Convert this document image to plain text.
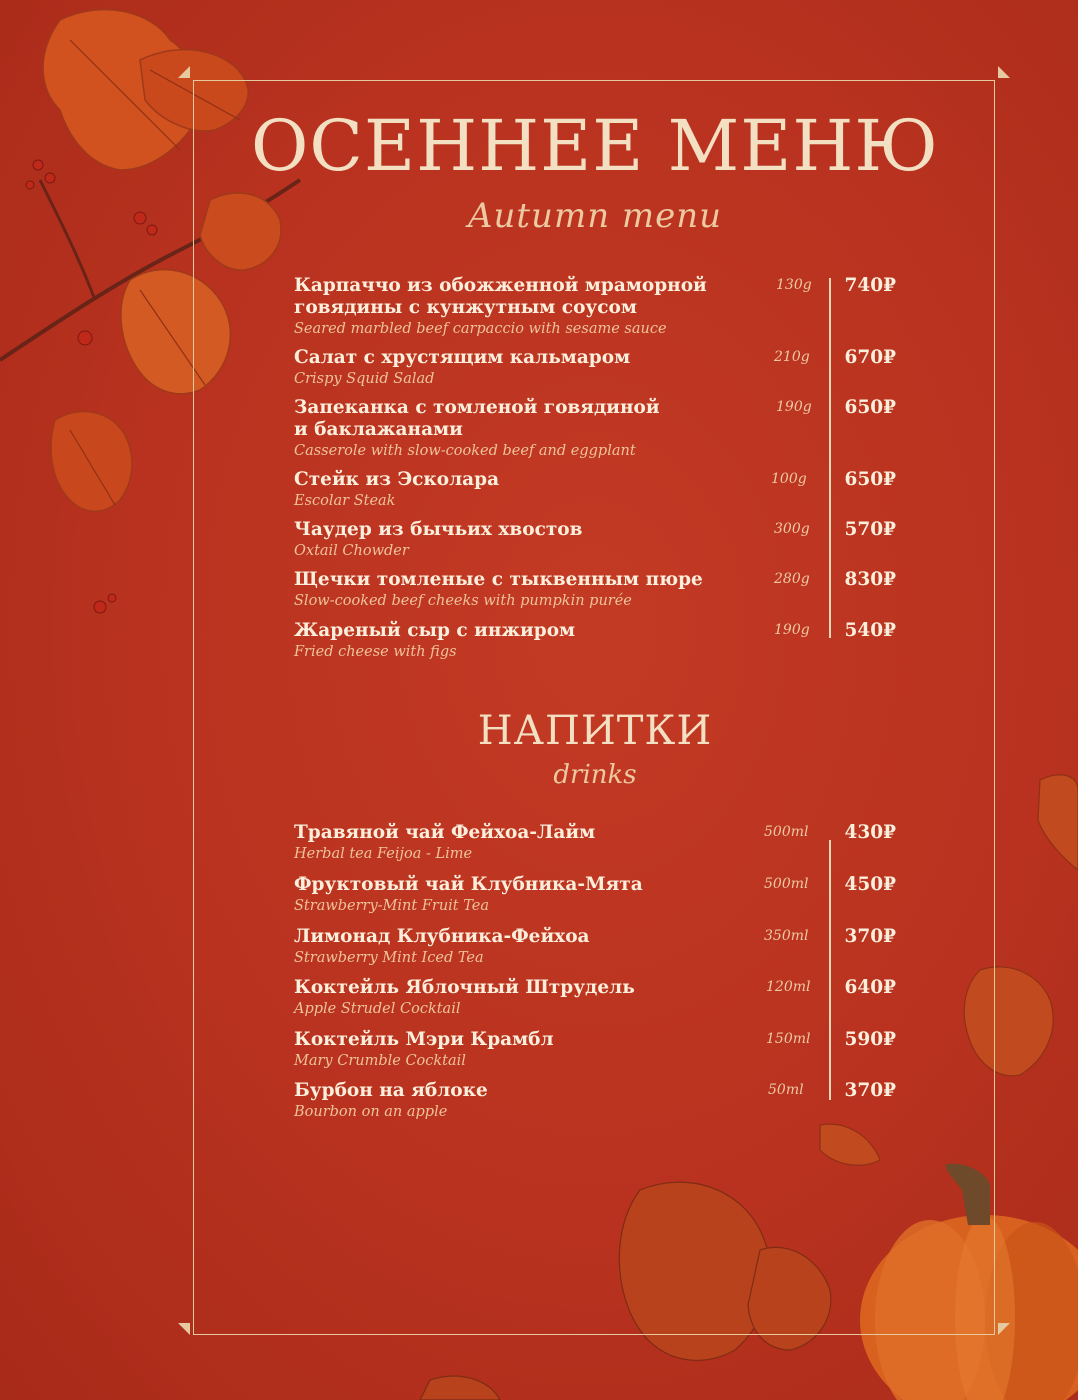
ОСЕННЕЕ МЕНЮ
Autumn menu
Карпаччо из обожженной мраморной говядины с кунжутным соусом
Seared marbled beef carpaccio with sesame sauce
130g 740₽
Салат с хрустящим кальмаром
Crispy Squid Salad
210g 670₽
Запеканка с томленой говядиной и баклажанами
Casserole with slow-cooked beef and eggplant
190g 650₽
Стейк из Эсколара
Escolar Steak
100g 650₽
Чаудер из бычьих хвостов
Oxtail Chowder
300g 570₽
Щечки томленые с тыквенным пюре
Slow-cooked beef cheeks with pumpkin purée
280g 830₽
Жареный сыр с инжиром
Fried cheese with figs
190g 540₽
НАПИТКИ
drinks
Травяной чай Фейхоа-Лайм
Herbal tea Feijoa - Lime
500ml 430₽
Фруктовый чай Клубника-Мята
Strawberry-Mint Fruit Tea
500ml 450₽
Лимонад Клубника-Фейхоа
Strawberry Mint Iced Tea
350ml 370₽
Коктейль Яблочный Штрудель
Apple Strudel Cocktail
120ml 640₽
Коктейль Мэри Крамбл
Mary Crumble Cocktail
150ml 590₽
Бурбон на яблоке
Bourbon on an apple
50ml 370₽
